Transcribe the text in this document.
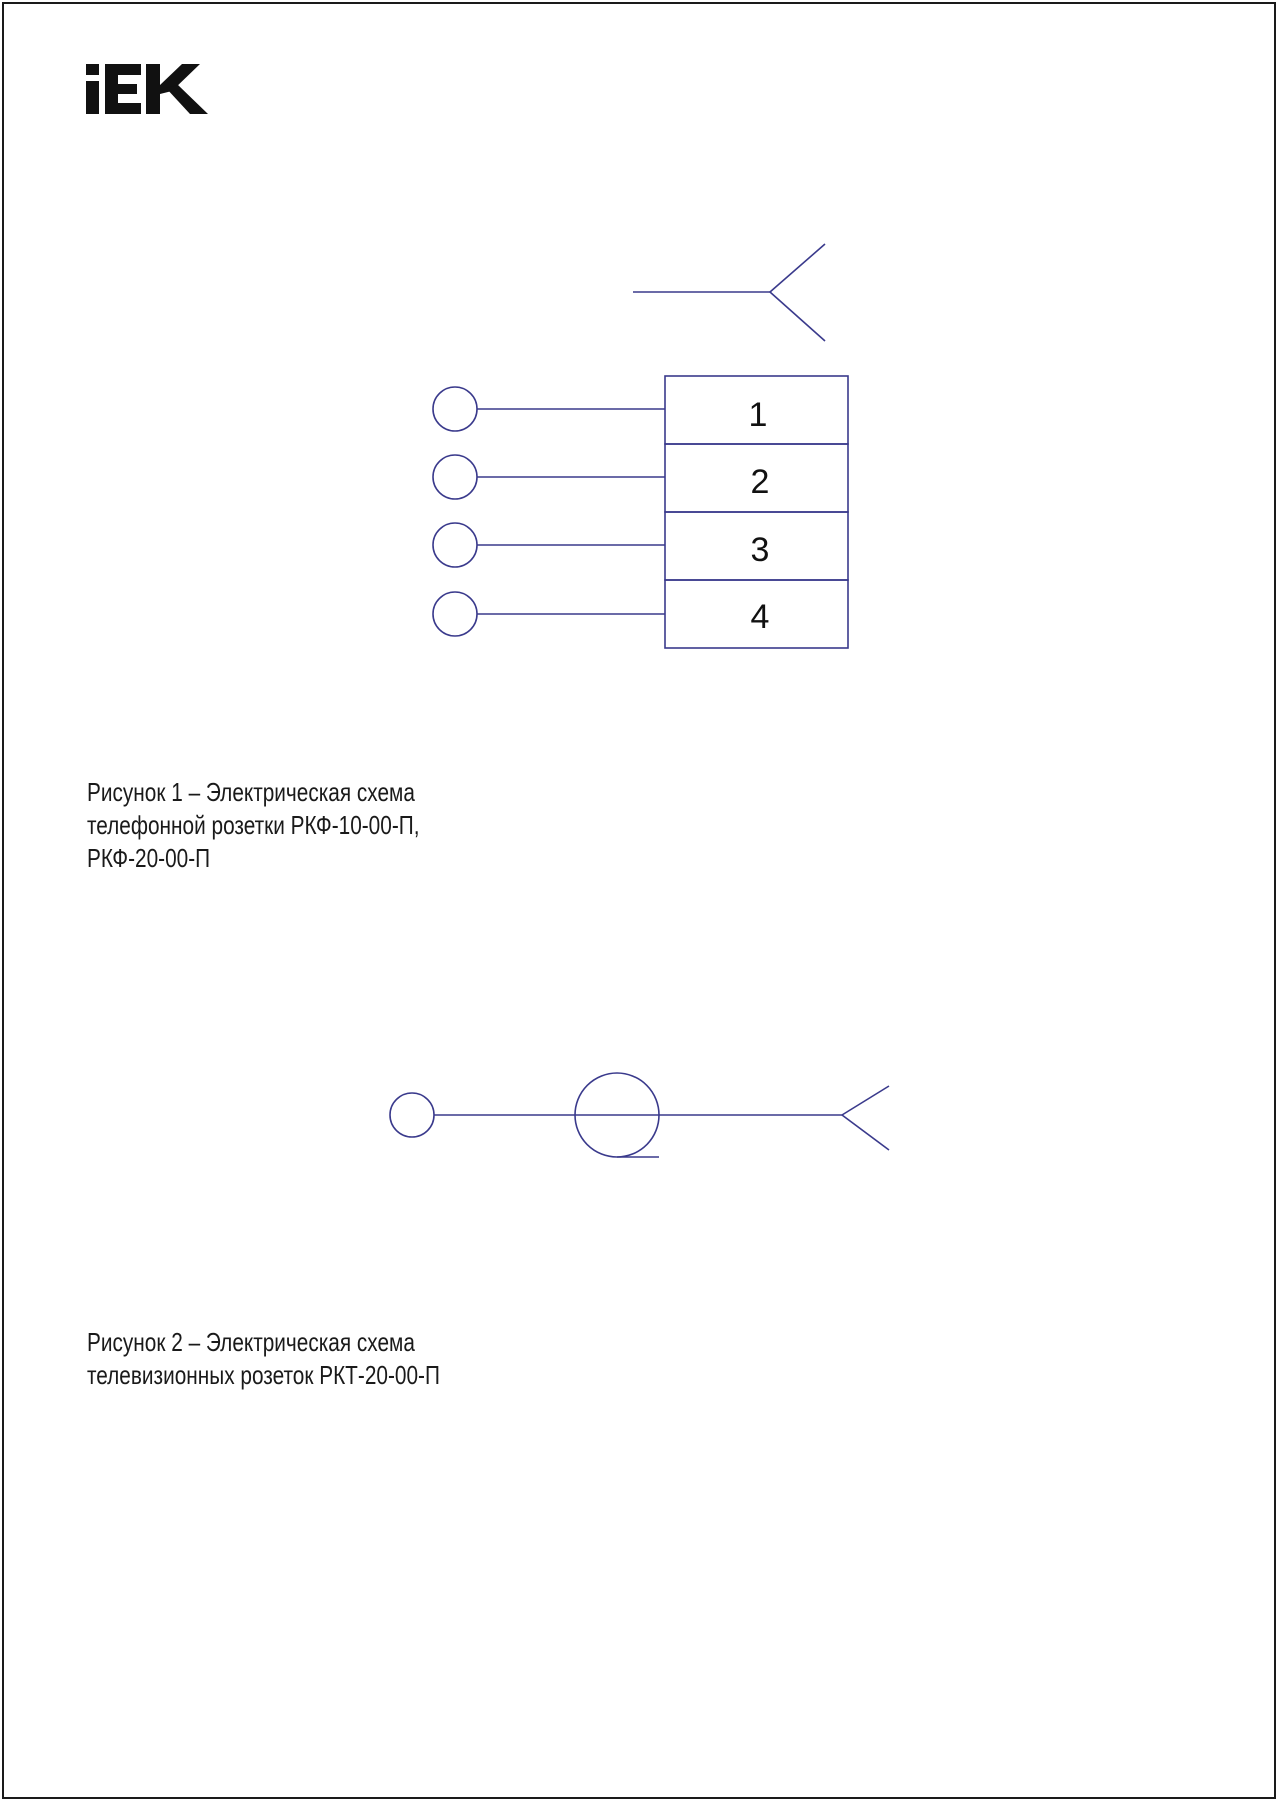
1
2
3
4
Рисунок 1 – Электрическая схема
телефонной розетки РКФ-10-00-П,
РКФ-20-00-П
Рисунок 2 – Электрическая схема
телевизионных розеток РКТ-20-00-П
